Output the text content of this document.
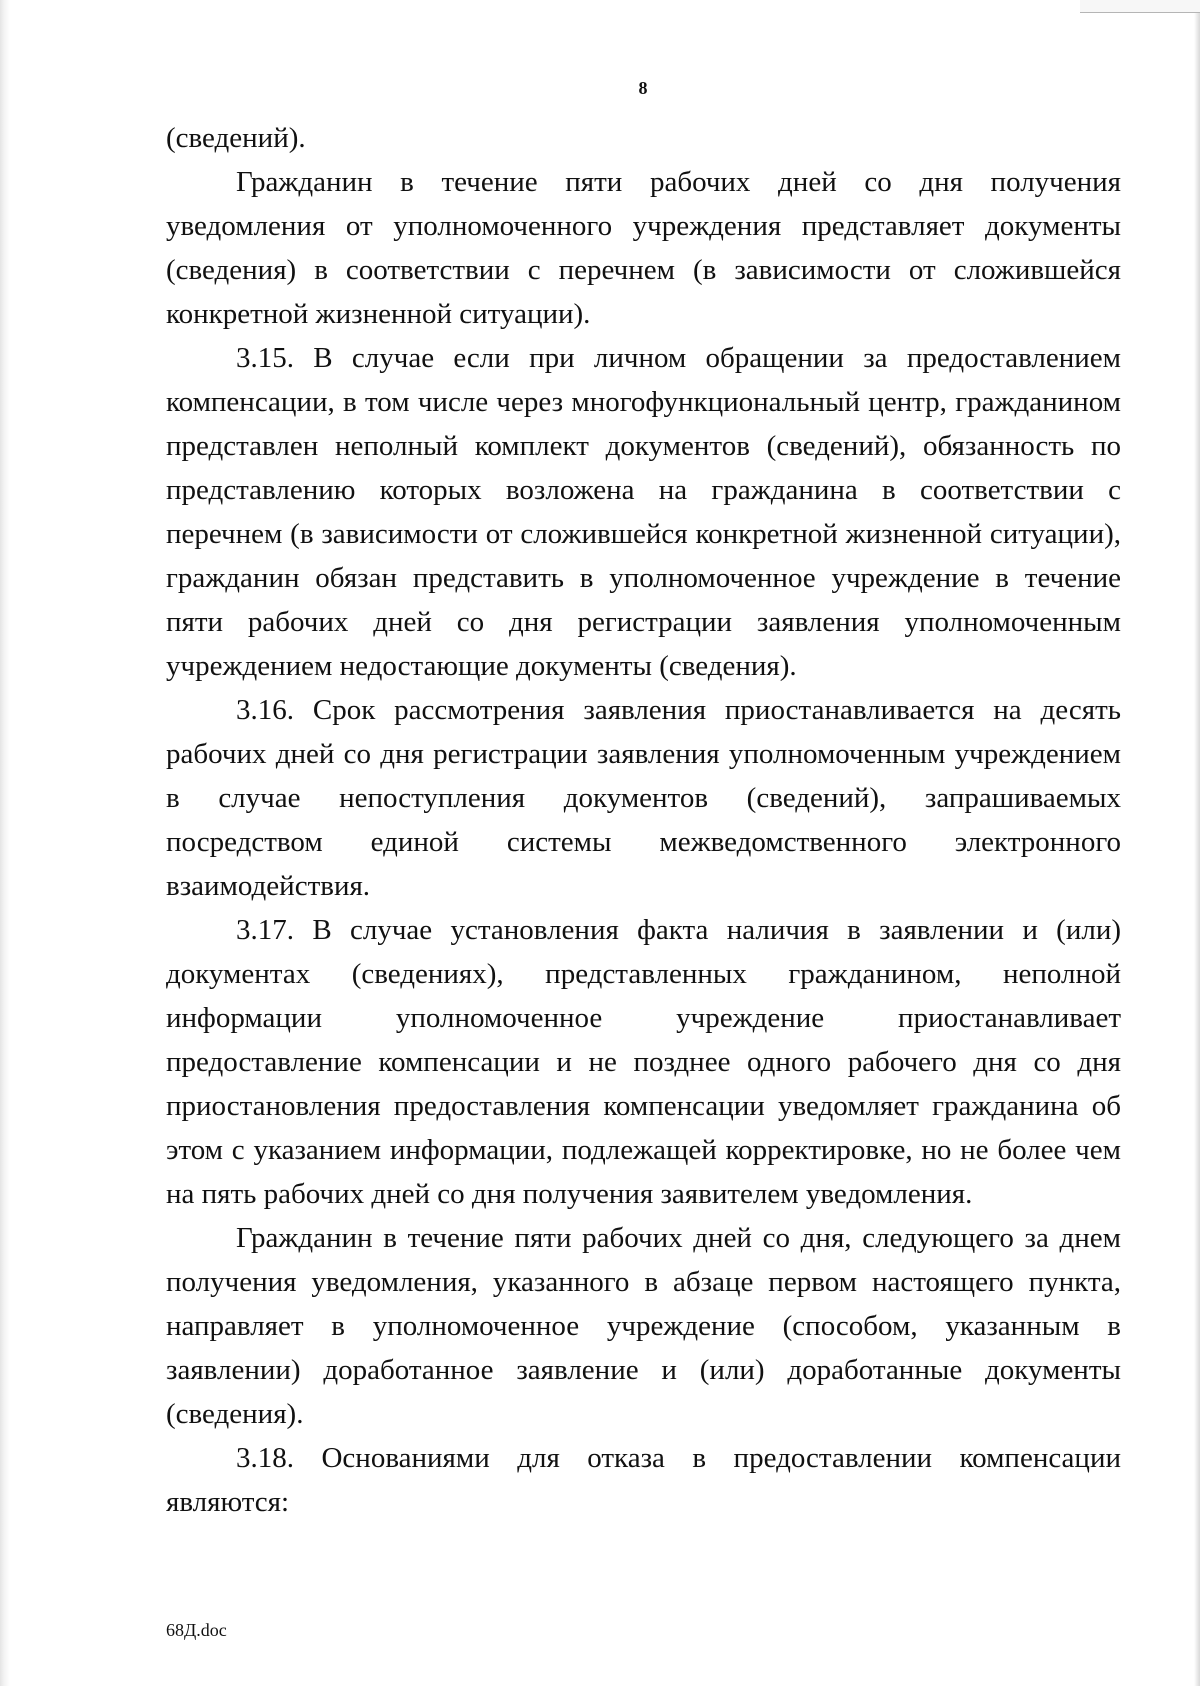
8

(сведений).

Гражданин в течение пяти рабочих дней со дня получения уведомления от уполномоченного учреждения представляет документы (сведения) в соответствии с перечнем (в зависимости от сложившейся конкретной жизненной ситуации).

3.15. В случае если при личном обращении за предоставлением компенсации, в том числе через многофункциональный центр, гражданином представлен неполный комплект документов (сведений), обязанность по представлению которых возложена на гражданина в соответствии с перечнем (в зависимости от сложившейся конкретной жизненной ситуации), гражданин обязан представить в уполномоченное учреждение в течение пяти рабочих дней со дня регистрации заявления уполномоченным учреждением недостающие документы (сведения).

3.16. Срок рассмотрения заявления приостанавливается на десять рабочих дней со дня регистрации заявления уполномоченным учреждением в случае непоступления документов (сведений), запрашиваемых посредством единой системы межведомственного электронного взаимодействия.

3.17. В случае установления факта наличия в заявлении и (или) документах (сведениях), представленных гражданином, неполной информации уполномоченное учреждение приостанавливает предоставление компенсации и не позднее одного рабочего дня со дня приостановления предоставления компенсации уведомляет гражданина об этом с указанием информации, подлежащей корректировке, но не более чем на пять рабочих дней со дня получения заявителем уведомления.

Гражданин в течение пяти рабочих дней со дня, следующего за днем получения уведомления, указанного в абзаце первом настоящего пункта, направляет в уполномоченное учреждение (способом, указанным в заявлении) доработанное заявление и (или) доработанные документы (сведения).

3.18. Основаниями для отказа в предоставлении компенсации являются:

68Д.doc
